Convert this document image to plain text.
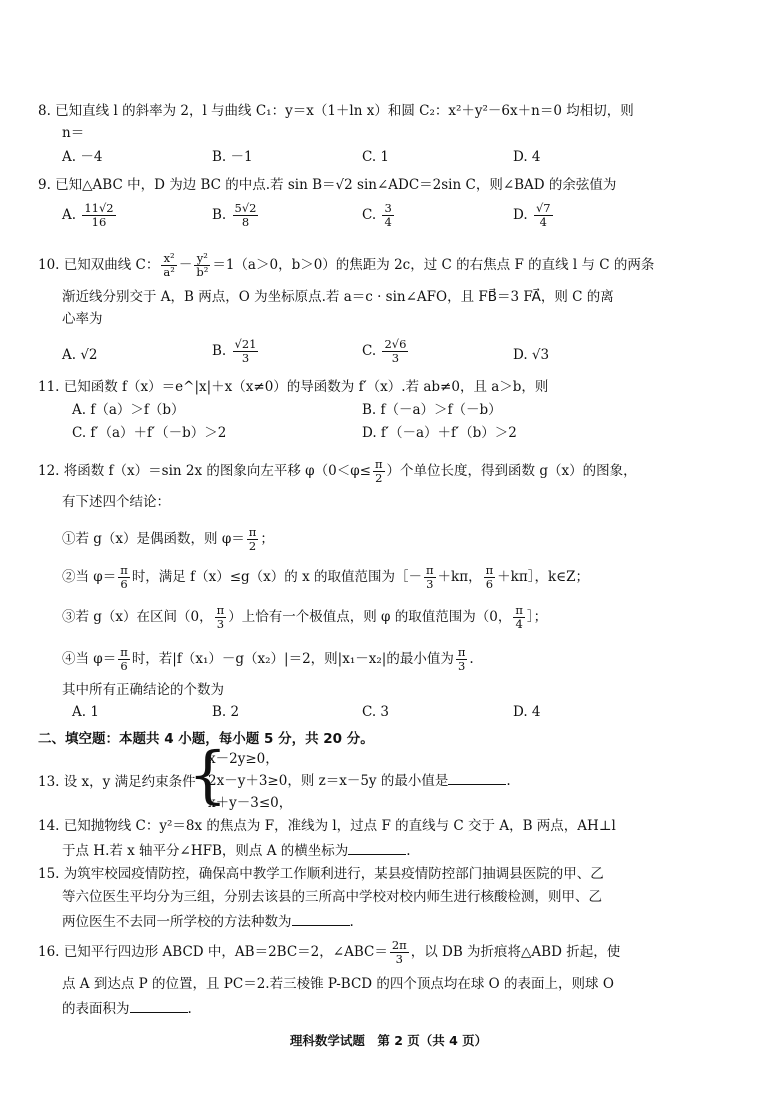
8. 已知直线 l 的斜率为 2，l 与曲线 C₁：y＝x（1＋ln x）和圆 C₂：x²＋y²－6x＋n＝0 均相切，则
n＝
A. －4	B. －1	C. 1	D. 4
9. 已知△ABC 中，D 为边 BC 的中点.若 sin B＝√2 sin∠ADC＝2sin C，则∠BAD 的余弦值为
A. $\frac{11√2}{16}$	B. $\frac{5√2}{8}$	C. $\frac{3}{4}$	D. $\frac{√7}{4}$
10. 已知双曲线 C： $\frac{\text{x²}}{\text{a²}} - \frac{\text{y²}}{\text{b²}} =1(a>0$，b＞0）的焦距为 2c，过 C 的右焦点 F 的直线 l 与 C 的两条
渐近线分别交于 A，B 两点，O 为坐标原点.若 a＝c · sin∠AFO，且 FB⃗＝3 FA⃗，则 C 的离
心率为
A. √2	B. $\frac{√21}{3}$	C. $\frac{2√6}{3}$	D. √3
11. 已知函数 f（x）＝e^|x|＋x（x≠0）的导函数为 f′（x）.若 ab≠0，且 a＞b，则
A. f（a）＞f（b）	B. f（－a）＞f（－b）
C. f′（a）＋f′（－b）＞2	D. f′（－a）＋f′（b）＞2
12. 将函数 f（x）＝sin 2x 的图象向左平移 $\varphi(0<\varphi\le \frac{\pi}{2}$ ）个单位长度，得到函数 g（x）的图象，
有下述四个结论：
①若 g（x）是偶函数，则 $\varphi= \frac{\pi}{2}$ ；
②当 $\varphi= \frac{\pi}{6}$ 时，满足 f（x）≤g（x）的 x 的取值范围为［－ $\frac{\pi}{3} +k\pi$， $\frac{\pi}{6}$ ＋kπ］，k∈Z；
③若 g（x）在区间（0， $\frac{\pi}{3}$ ）上恰有一个极值点，则 φ 的取值范围为（0， $\frac{\pi}{4}$ ］；
④当 $\varphi= \frac{\pi}{6}$ 时，若|f（x₁）－g（x₂）|＝2，则|x₁－x₂|的最小值为 $\frac{\pi}{3}$ .
其中所有正确结论的个数为
A. 1	B. 2	C. 3	D. 4
二、填空题：本题共 4 小题，每小题 5 分，共 20 分。
13. 设 x，y 满足约束条件
{
x－2y≥0，
2x－y＋3≥0，则 z＝x－5y 的最小值是	.
x＋y－3≤0，
14. 已知抛物线 C：y²＝8x 的焦点为 F，准线为 l，过点 F 的直线与 C 交于 A，B 两点，AH⊥l
于点 H.若 x 轴平分∠HFB，则点 A 的横坐标为	.
15. 为筑牢校园疫情防控，确保高中教学工作顺利进行，某县疫情防控部门抽调县医院的甲、乙
等六位医生平均分为三组，分别去该县的三所高中学校对校内师生进行核酸检测，则甲、乙
两位医生不去同一所学校的方法种数为	.
16. 已知平行四边形 ABCD 中，AB＝2BC＝2，∠ABC＝ $\frac{2\pi}{3}$ ，以 DB 为折痕将△ABD 折起，使
点 A 到达点 P 的位置，且 PC＝2.若三棱锥 P-BCD 的四个顶点均在球 O 的表面上，则球 O
的表面积为	.
理科数学试题　第 2 页（共 4 页）
